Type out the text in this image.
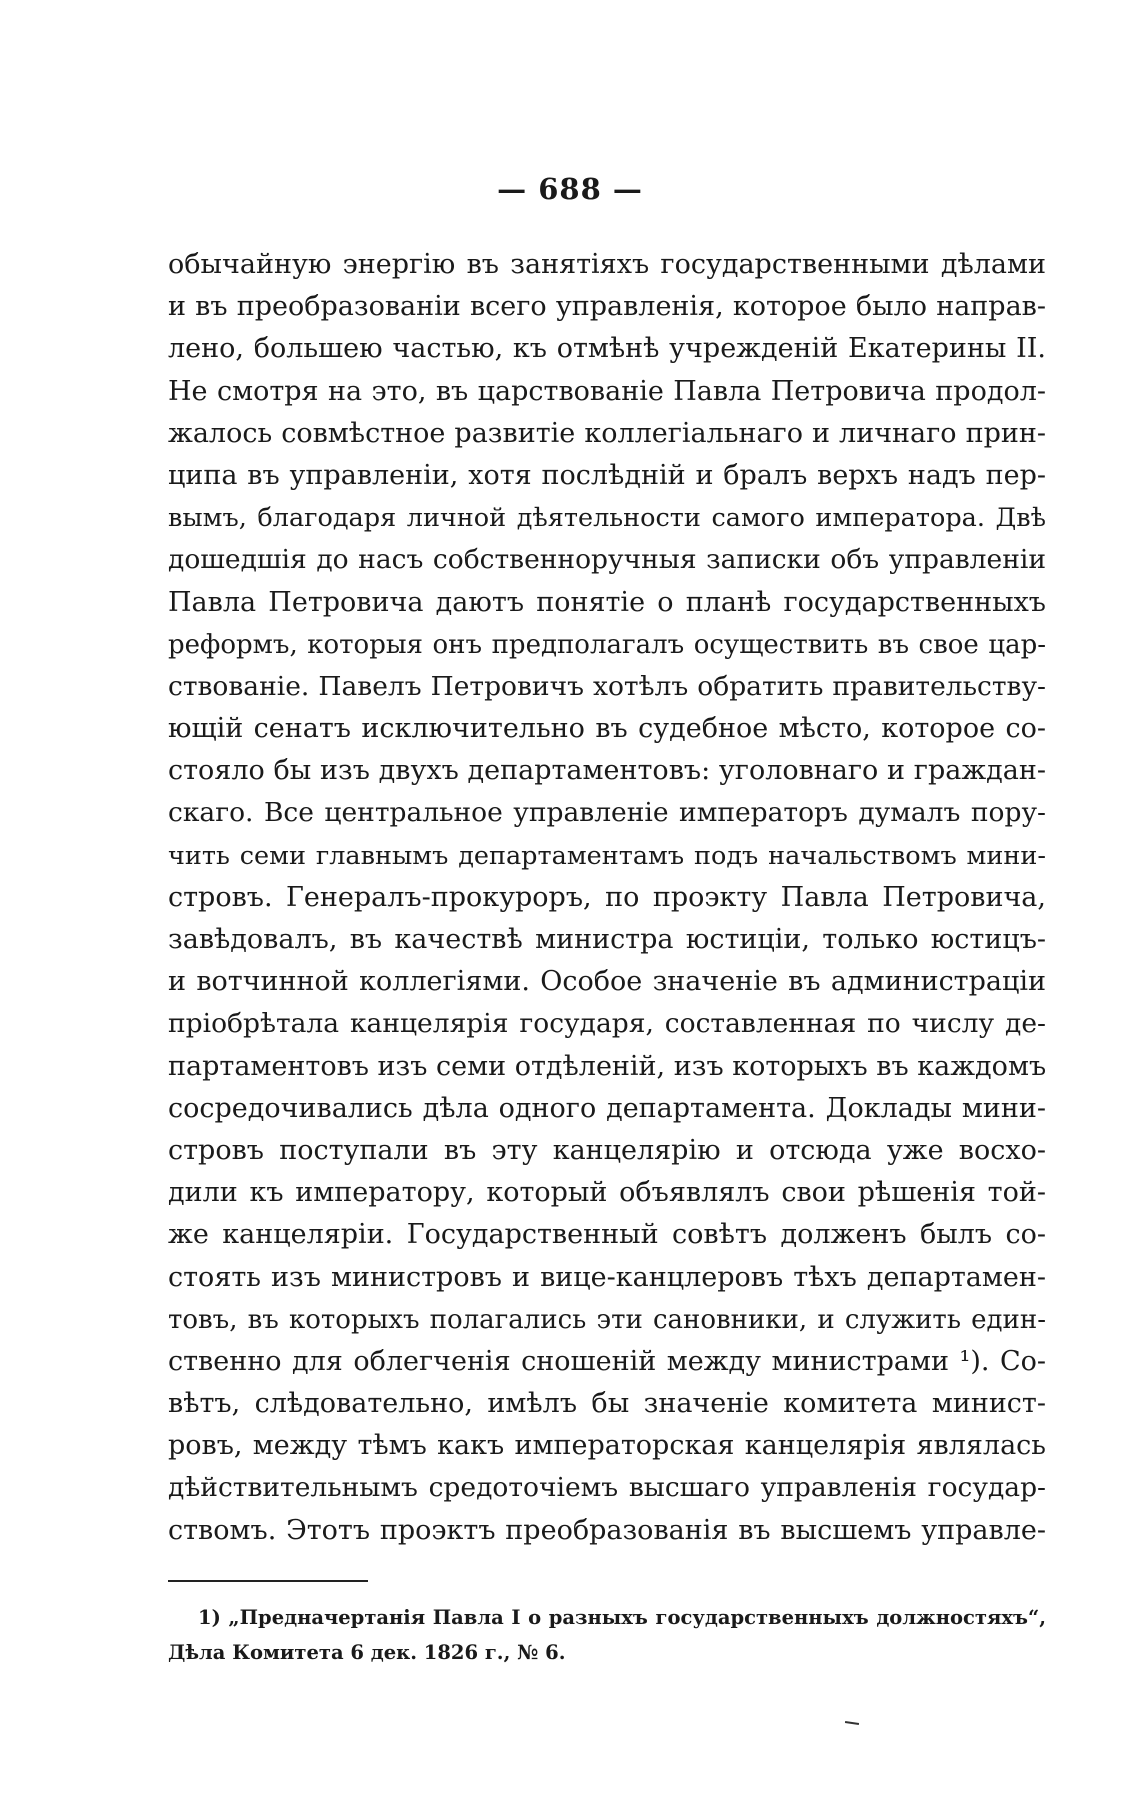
— 688 —
обычайную энергію въ занятіяхъ государственными дѣлами
и въ преобразованіи всего управленія, которое было направ-
лено, большею частью, къ отмѣнѣ учрежденій Екатерины II.
Не смотря на это, въ царствованіе Павла Петровича продол-
жалось совмѣстное развитіе коллегіальнаго и личнаго прин-
ципа въ управленіи, хотя послѣдній и бралъ верхъ надъ пер-
вымъ, благодаря личной дѣятельности самого императора. Двѣ
дошедшія до насъ собственноручныя записки объ управленіи
Павла Петровича даютъ понятіе о планѣ государственныхъ
реформъ, которыя онъ предполагалъ осуществить въ свое цар-
ствованіе. Павелъ Петровичъ хотѣлъ обратить правительству-
ющій сенатъ исключительно въ судебное мѣсто, которое со-
стояло бы изъ двухъ департаментовъ: уголовнаго и граждан-
скаго. Все центральное управленіе императоръ думалъ пору-
чить семи главнымъ департаментамъ подъ начальствомъ мини-
стровъ. Генералъ-прокуроръ, по проэкту Павла Петровича,
завѣдовалъ, въ качествѣ министра юстиціи, только юстицъ-
и вотчинной коллегіями. Особое значеніе въ администраціи
пріобрѣтала канцелярія государя, составленная по числу де-
партаментовъ изъ семи отдѣленій, изъ которыхъ въ каждомъ
сосредочивались дѣла одного департамента. Доклады мини-
стровъ поступали въ эту канцелярію и отсюда уже восхо-
дили къ императору, который объявлялъ свои рѣшенія той-
же канцеляріи. Государственный совѣтъ долженъ былъ со-
стоять изъ министровъ и вице-канцлеровъ тѣхъ департамен-
товъ, въ которыхъ полагались эти сановники, и служить един-
ственно для облегченія сношеній между министрами ¹). Со-
вѣтъ, слѣдовательно, имѣлъ бы значеніе комитета минист-
ровъ, между тѣмъ какъ императорская канцелярія являлась
дѣйствительнымъ средоточіемъ высшаго управленія государ-
ствомъ. Этотъ проэктъ преобразованія въ высшемъ управле-
1) „Предначертанія Павла I о разныхъ государственныхъ должностяхъ“,
Дѣла Комитета 6 дек. 1826 г., № 6.
